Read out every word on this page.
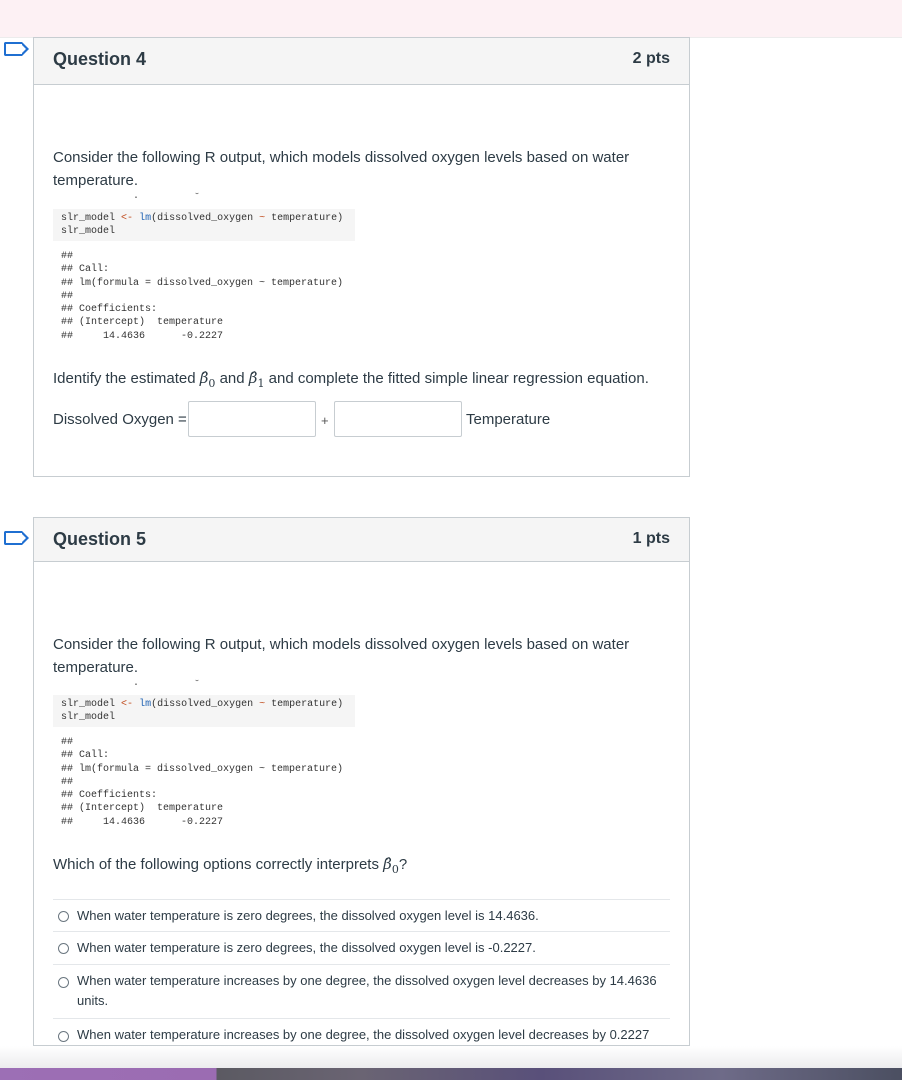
Question 4	2 pts

Consider the following R output, which models dissolved oxygen levels based on water temperature.

·	˘
slr_model <- lm(dissolved_oxygen ~ temperature)
slr_model
##
## Call:
## lm(formula = dissolved_oxygen ~ temperature)
##
## Coefficients:
## (Intercept)  temperature
##     14.4636      -0.2227
Identify the estimated $\betâ_0$ and $\betâ_1$ and complete the fitted simple linear regression equation.
Dissolved Oxygen =	+	Temperature
Question 5	1 pts

Consider the following R output, which models dissolved oxygen levels based on water temperature.

·	˘
slr_model <- lm(dissolved_oxygen ~ temperature)
slr_model
##
## Call:
## lm(formula = dissolved_oxygen ~ temperature)
##
## Coefficients:
## (Intercept)  temperature
##     14.4636      -0.2227
Which of the following options correctly interprets $\betâ_0$?
When water temperature is zero degrees, the dissolved oxygen level is 14.4636.
When water temperature is zero degrees, the dissolved oxygen level is -0.2227.
When water temperature increases by one degree, the dissolved oxygen level decreases by 14.4636 units.
When water temperature increases by one degree, the dissolved oxygen level decreases by 0.2227
